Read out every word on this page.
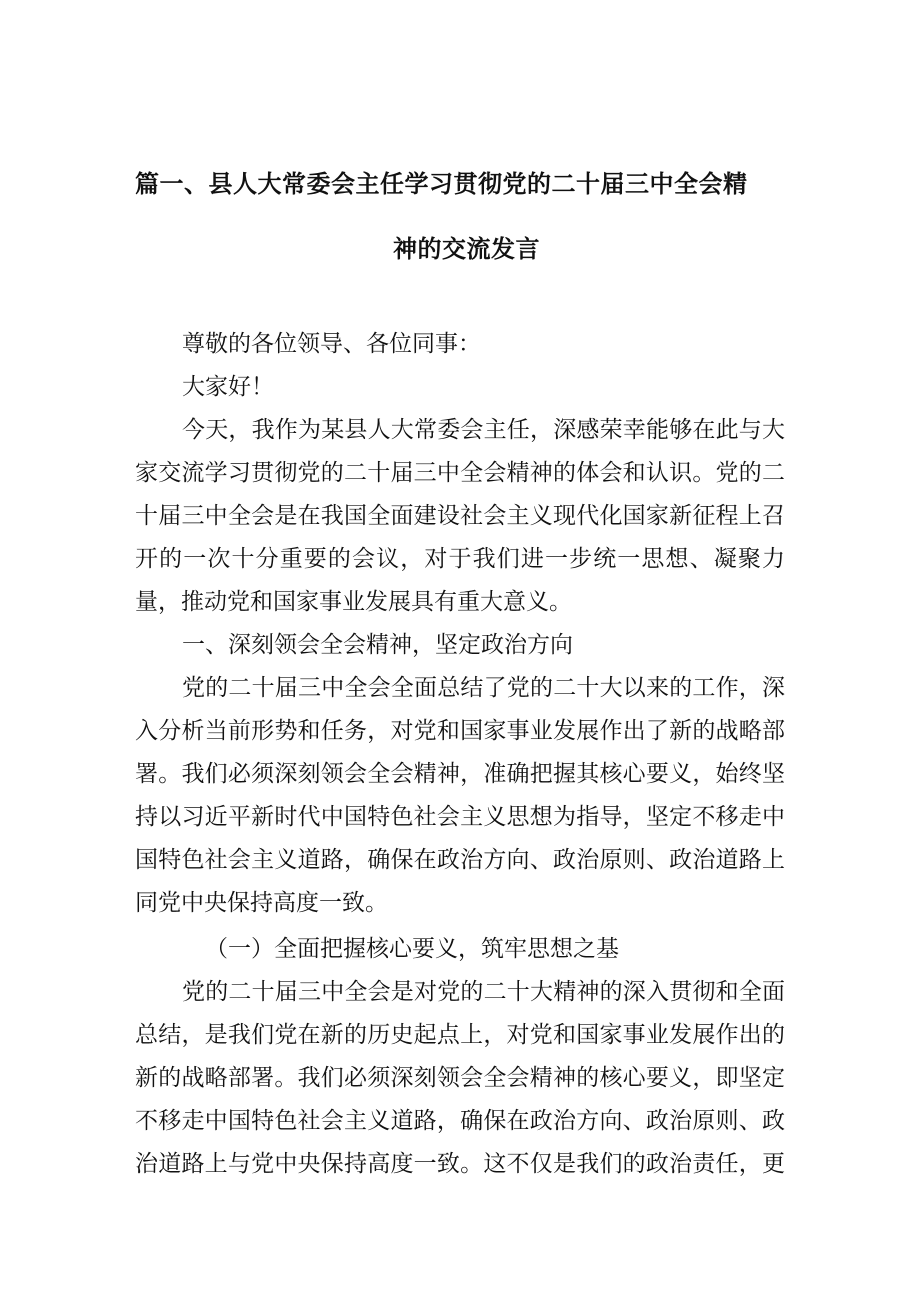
篇一、县人大常委会主任学习贯彻党的二十届三中全会精
神的交流发言
尊敬的各位领导、各位同事：
大家好！
今天，我作为某县人大常委会主任，深感荣幸能够在此与大
家交流学习贯彻党的二十届三中全会精神的体会和认识。党的二
十届三中全会是在我国全面建设社会主义现代化国家新征程上召
开的一次十分重要的会议，对于我们进一步统一思想、凝聚力
量，推动党和国家事业发展具有重大意义。
一、深刻领会全会精神，坚定政治方向
党的二十届三中全会全面总结了党的二十大以来的工作，深
入分析当前形势和任务，对党和国家事业发展作出了新的战略部
署。我们必须深刻领会全会精神，准确把握其核心要义，始终坚
持以习近平新时代中国特色社会主义思想为指导，坚定不移走中
国特色社会主义道路，确保在政治方向、政治原则、政治道路上
同党中央保持高度一致。
（一）全面把握核心要义，筑牢思想之基
党的二十届三中全会是对党的二十大精神的深入贯彻和全面
总结，是我们党在新的历史起点上，对党和国家事业发展作出的
新的战略部署。我们必须深刻领会全会精神的核心要义，即坚定
不移走中国特色社会主义道路，确保在政治方向、政治原则、政
治道路上与党中央保持高度一致。这不仅是我们的政治责任，更
